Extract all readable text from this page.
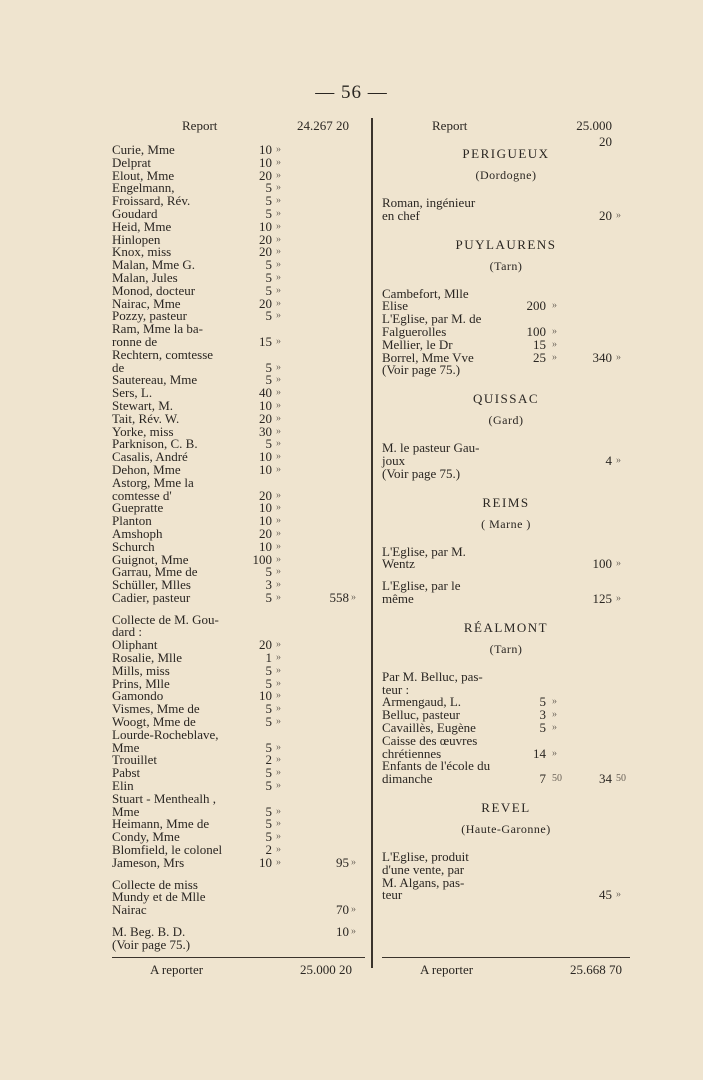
— 56 —
Report	24.267 20
Curie, Mme	10 »
Delprat	10 »
Elout, Mme	20 »
Engelmann,	5 »
Froissard, Rév.	5 »
Goudard	5 »
Heid, Mme	10 »
Hinlopen	20 »
Knox, miss	20 »
Malan, Mme G.	5 »
Malan, Jules	5 »
Monod, docteur	5 »
Nairac, Mme	20 »
Pozzy, pasteur	5 »
Ram, Mme la ba-
ronne de	15 »
Rechtern, comtesse
de	5 »
Sautereau, Mme	5 »
Sers, L.	40 »
Stewart, M.	10 »
Tait, Rév. W.	20 »
Yorke, miss	30 »
Parknison, C. B.	5 »
Casalis, André	10 »
Dehon, Mme	10 »
Astorg, Mme la
comtesse d'	20 »
Guepratte	10 »
Planton	10 »
Amshoph	20 »
Schurch	10 »
Guignot, Mme	100 »
Garrau, Mme de	5 »
Schüller, Mlles	3 »
Cadier, pasteur	5 »	558 »
Collecte de M. Gou-
dard :
Oliphant	20 »
Rosalie, Mlle	1 »
Mills, miss	5 »
Prins, Mlle	5 »
Gamondo	10 »
Vismes, Mme de	5 »
Woogt, Mme de	5 »
Lourde-Rocheblave,
Mme	5 »
Trouillet	2 »
Pabst	5 »
Elin	5 »
Stuart - Menthealh ,
Mme	5 »
Heimann, Mme de	5 »
Condy, Mme	5 »
Blomfield, le colonel	2 »
Jameson, Mrs	10 »	95 »
Collecte de miss
Mundy et de Mlle
Nairac	70 »
M. Beg. B. D.	10 »
(Voir page 75.)
Report	25.000 20
PERIGUEUX
(Dordogne)
Roman, ingénieur
en chef	20 »
PUYLAURENS
(Tarn)
Cambefort, Mlle
Elise	200 »
L'Eglise, par M. de
Falguerolles	100 »
Mellier, le Dr	15 »
Borrel, Mme Vve	25 »	340 »
(Voir page 75.)
QUISSAC
(Gard)
M. le pasteur Gau-
joux	4 »
(Voir page 75.)
REIMS
( Marne )
L'Eglise, par M.
Wentz	100 »
L'Eglise, par le
même	125 »
RÉALMONT
(Tarn)
Par M. Belluc, pas-
teur :
Armengaud, L.	5 »
Belluc, pasteur	3 »
Cavaillès, Eugène	5 »
Caisse des œuvres
chrétiennes	14 »
Enfants de l'école du
dimanche	7 50	34 50
REVEL
(Haute-Garonne)
L'Eglise, produit
d'une vente, par
M. Algans, pas-
teur	45 »
A reporter	25.000 20	A reporter	25.668 70
